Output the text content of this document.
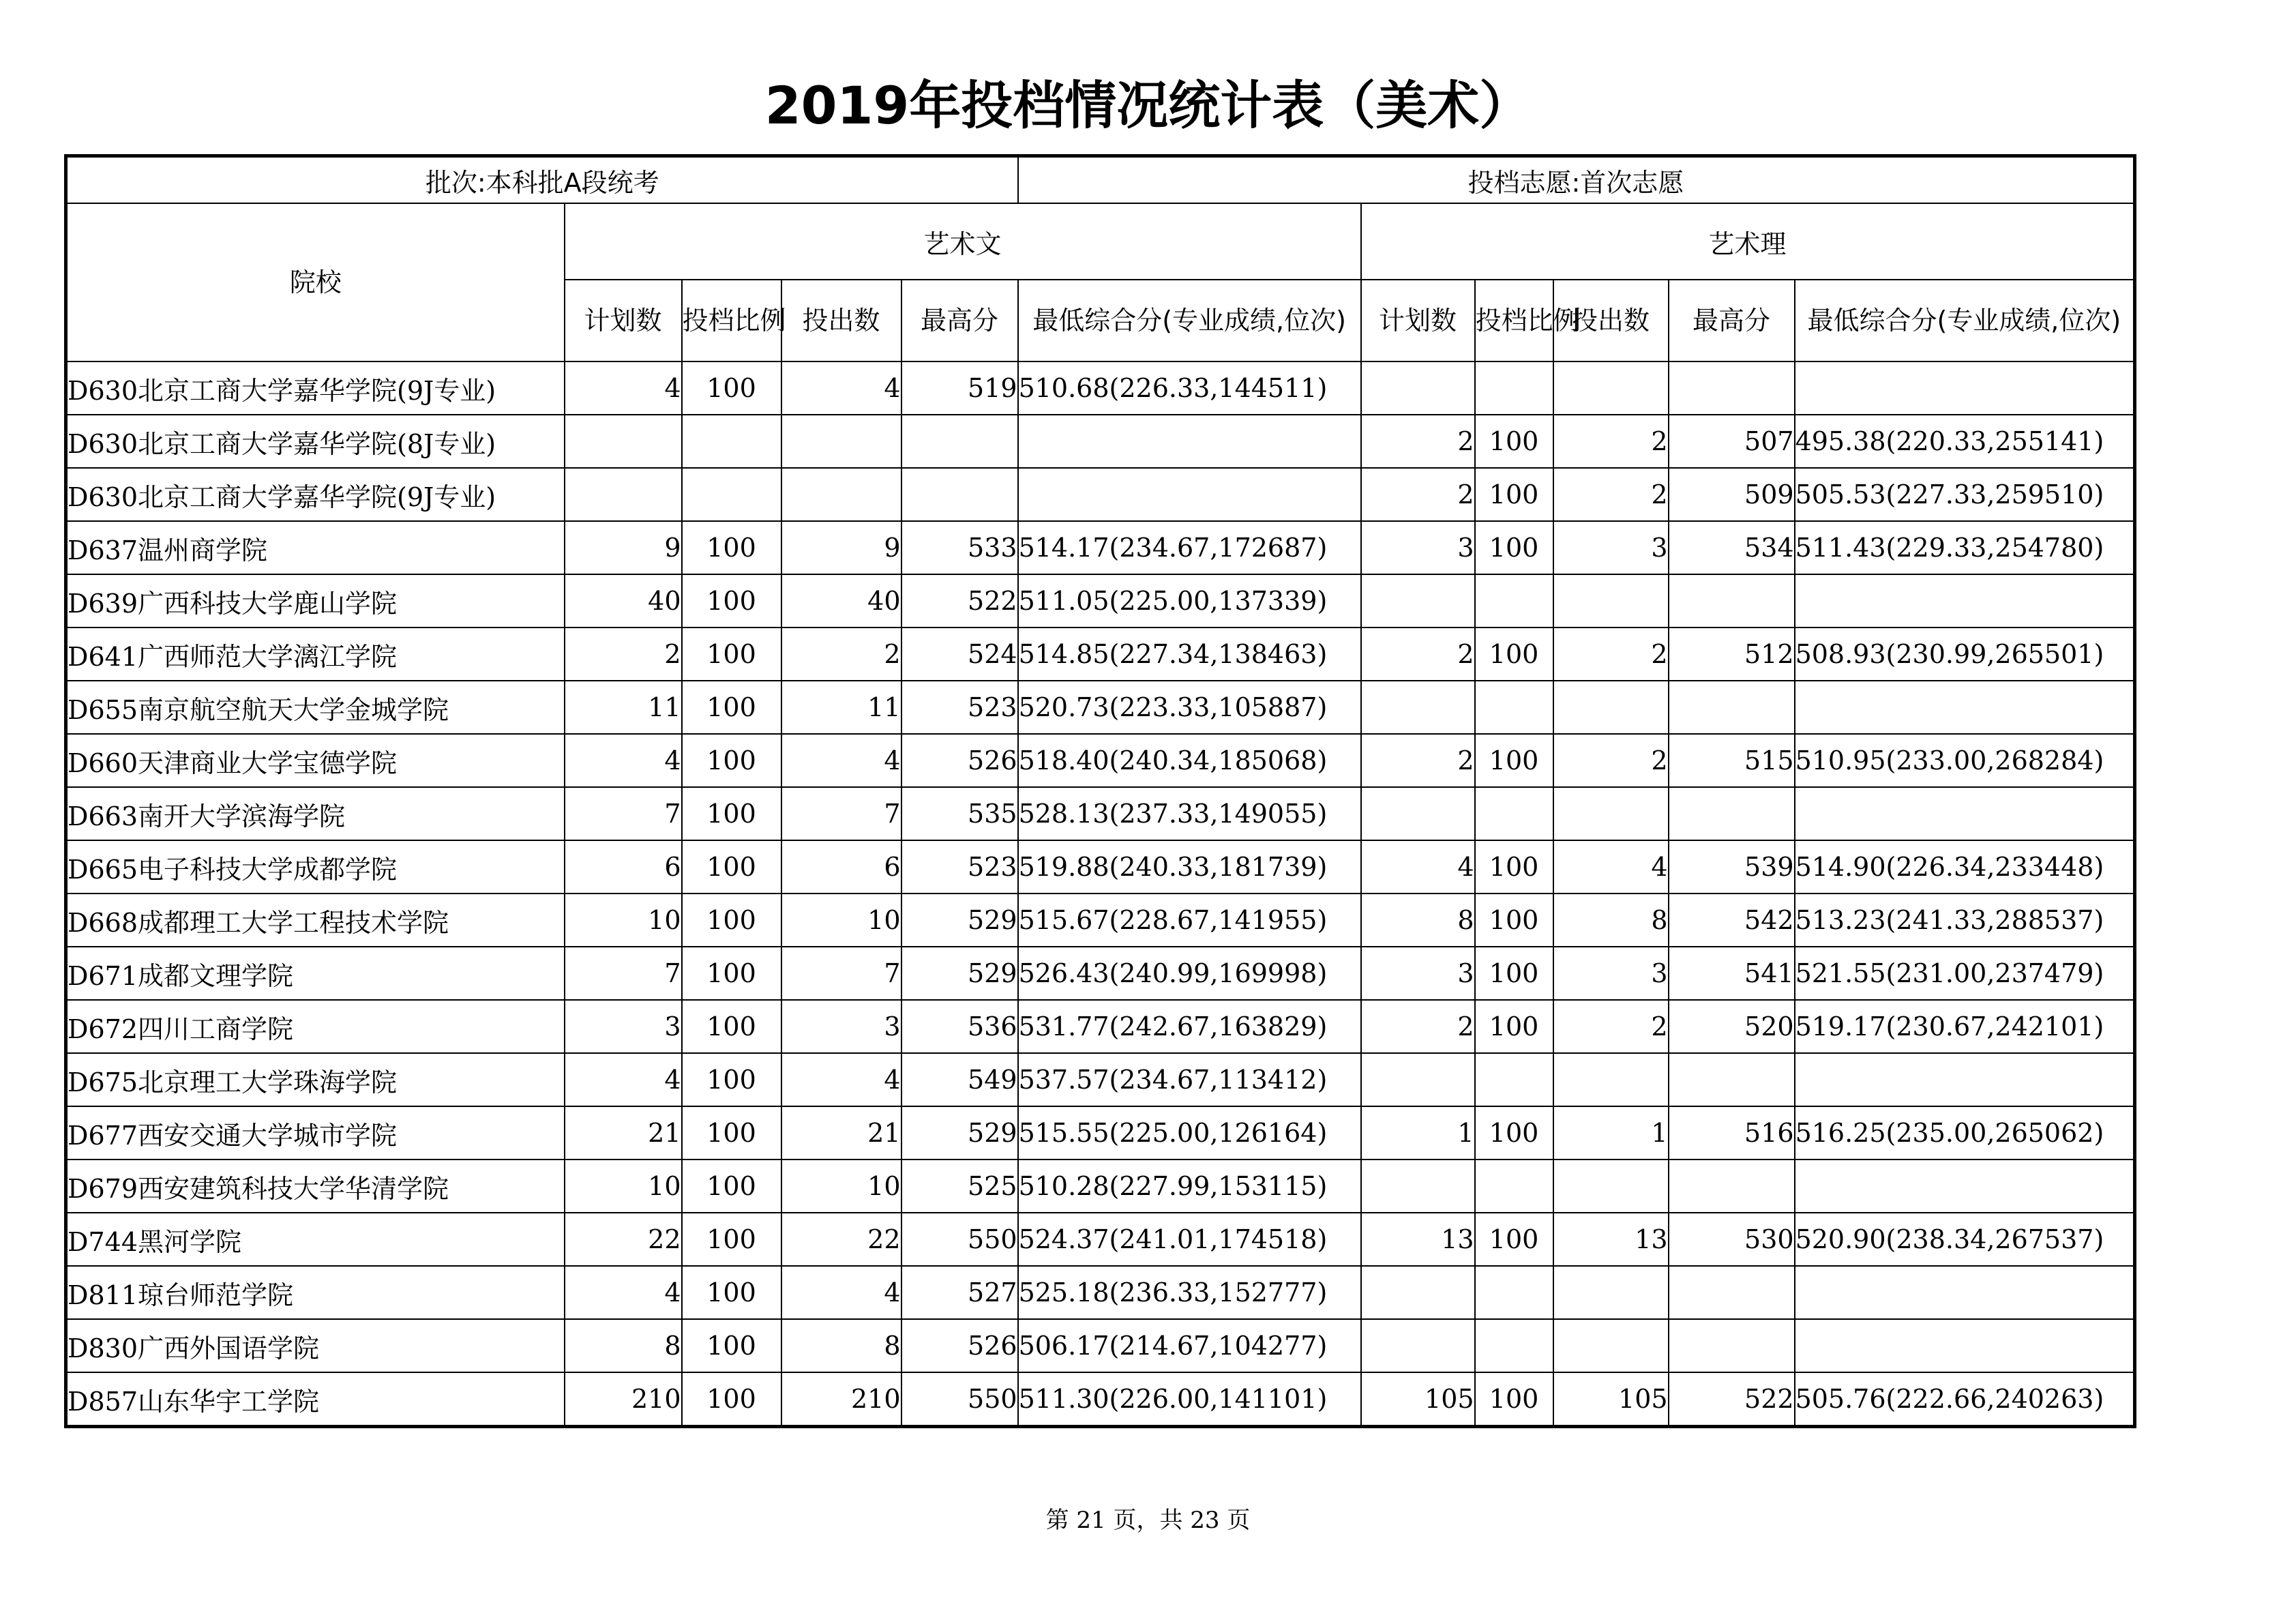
2019年投档情况统计表（美术）
批次:本科批A段统考					投档志愿:首次志愿					
院校	艺术文					艺术理				
	计划数	投档比例	投出数	最高分	最低综合分(专业成绩,位次)	计划数	投档比例	投出数	最高分	最低综合分(专业成绩,位次)
D630北京工商大学嘉华学院(9J专业)	4	100	4	519	510.68(226.33,144511)					
D630北京工商大学嘉华学院(8J专业)						2	100	2	507	495.38(220.33,255141)
D630北京工商大学嘉华学院(9J专业)						2	100	2	509	505.53(227.33,259510)
D637温州商学院	9	100	9	533	514.17(234.67,172687)	3	100	3	534	511.43(229.33,254780)
D639广西科技大学鹿山学院	40	100	40	522	511.05(225.00,137339)					
D641广西师范大学漓江学院	2	100	2	524	514.85(227.34,138463)	2	100	2	512	508.93(230.99,265501)
D655南京航空航天大学金城学院	11	100	11	523	520.73(223.33,105887)					
D660天津商业大学宝德学院	4	100	4	526	518.40(240.34,185068)	2	100	2	515	510.95(233.00,268284)
D663南开大学滨海学院	7	100	7	535	528.13(237.33,149055)					
D665电子科技大学成都学院	6	100	6	523	519.88(240.33,181739)	4	100	4	539	514.90(226.34,233448)
D668成都理工大学工程技术学院	10	100	10	529	515.67(228.67,141955)	8	100	8	542	513.23(241.33,288537)
D671成都文理学院	7	100	7	529	526.43(240.99,169998)	3	100	3	541	521.55(231.00,237479)
D672四川工商学院	3	100	3	536	531.77(242.67,163829)	2	100	2	520	519.17(230.67,242101)
D675北京理工大学珠海学院	4	100	4	549	537.57(234.67,113412)					
D677西安交通大学城市学院	21	100	21	529	515.55(225.00,126164)	1	100	1	516	516.25(235.00,265062)
D679西安建筑科技大学华清学院	10	100	10	525	510.28(227.99,153115)					
D744黑河学院	22	100	22	550	524.37(241.01,174518)	13	100	13	530	520.90(238.34,267537)
D811琼台师范学院	4	100	4	527	525.18(236.33,152777)					
D830广西外国语学院	8	100	8	526	506.17(214.67,104277)					
D857山东华宇工学院	210	100	210	550	511.30(226.00,141101)	105	100	105	522	505.76(222.66,240263)
第 21 页，共 23 页
